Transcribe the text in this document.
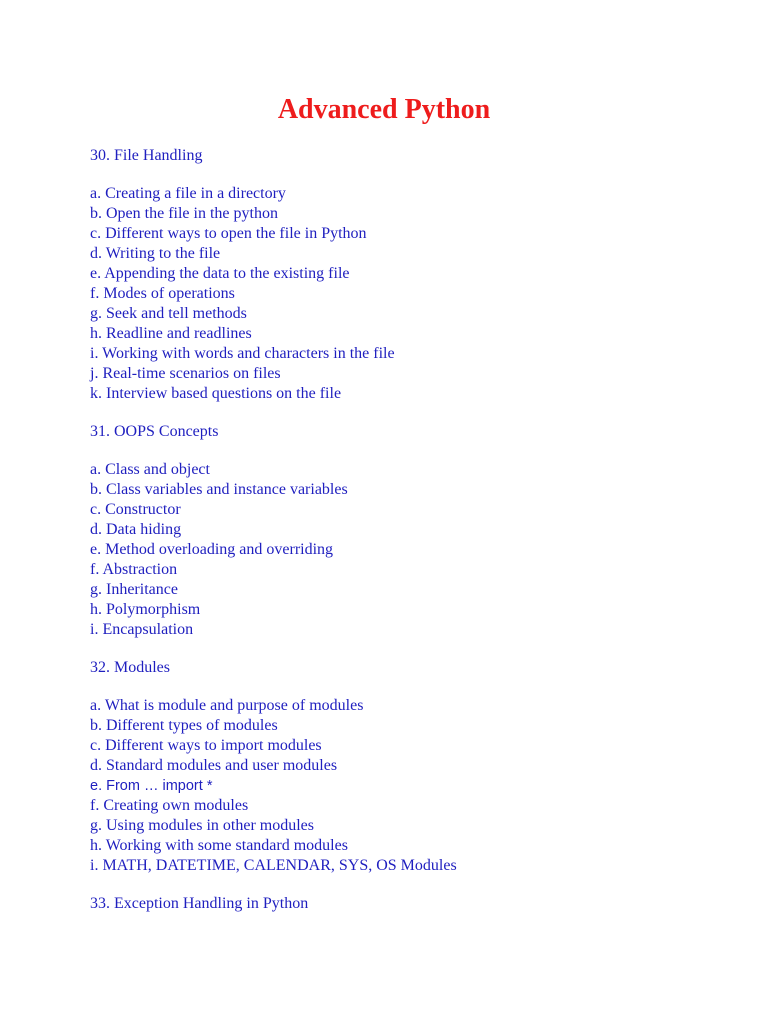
Advanced Python

30. File Handling

a. Creating a file in a directory

b. Open the file in the python

c. Different ways to open the file in Python

d. Writing to the file

e. Appending the data to the existing file

f. Modes of operations

g. Seek and tell methods

h. Readline and readlines

i. Working with words and characters in the file

j. Real-time scenarios on files

k. Interview based questions on the file

31. OOPS Concepts

a. Class and object

b. Class variables and instance variables

c. Constructor

d. Data hiding

e. Method overloading and overriding

f. Abstraction

g. Inheritance

h. Polymorphism

i. Encapsulation

32. Modules

a. What is module and purpose of modules

b. Different types of modules

c. Different ways to import modules

d. Standard modules and user modules

e. From … import *

f. Creating own modules

g. Using modules in other modules

h. Working with some standard modules

i. MATH, DATETIME, CALENDAR, SYS, OS Modules

33. Exception Handling in Python
